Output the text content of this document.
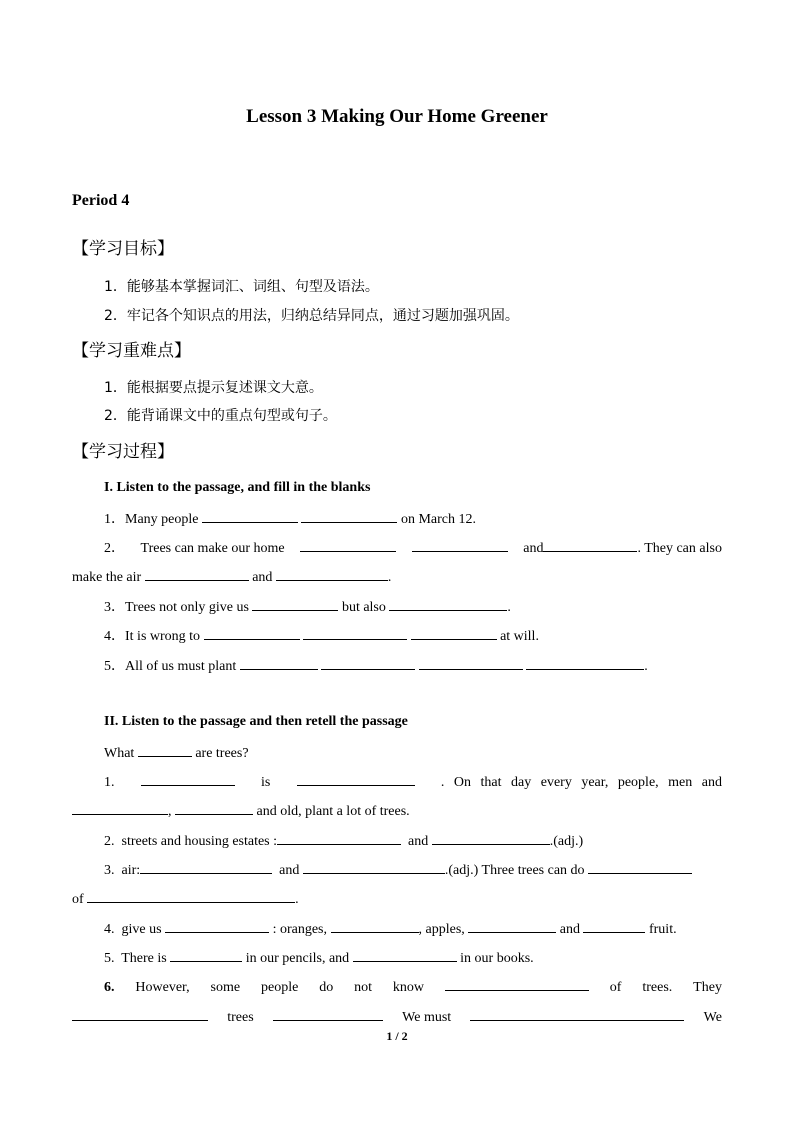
Lesson 3 Making Our Home Greener
Period 4
【学习目标】
1．能够基本掌握词汇、词组、句型及语法。
2．牢记各个知识点的用法，归纳总结异同点，通过习题加强巩固。
【学习重难点】
1．能根据要点提示复述课文大意。
2．能背诵课文中的重点句型或句子。
【学习过程】
I. Listen to the passage, and fill in the blanks
1．Many people	on March 12.
2． Trees can make our home	and	. They can also
make the air	and	.
3．Trees not only give us	but also	.
4．It is wrong to	at will.
5．All of us must plant	.
II. Listen to the passage and then retell the passage
What	are trees?
1.	is	. On that day every year, people, men and
,	and old, plant a lot of trees.
2. streets and housing estates :	and	.(adj.)
3. air:	and	.(adj.) Three trees can do
of	.
4. give us	: oranges,	, apples,	and	fruit.
5. There is	in our pencils, and	in our books.
6. However, some people do not know	of trees. They
trees	We must	We
1 / 2
